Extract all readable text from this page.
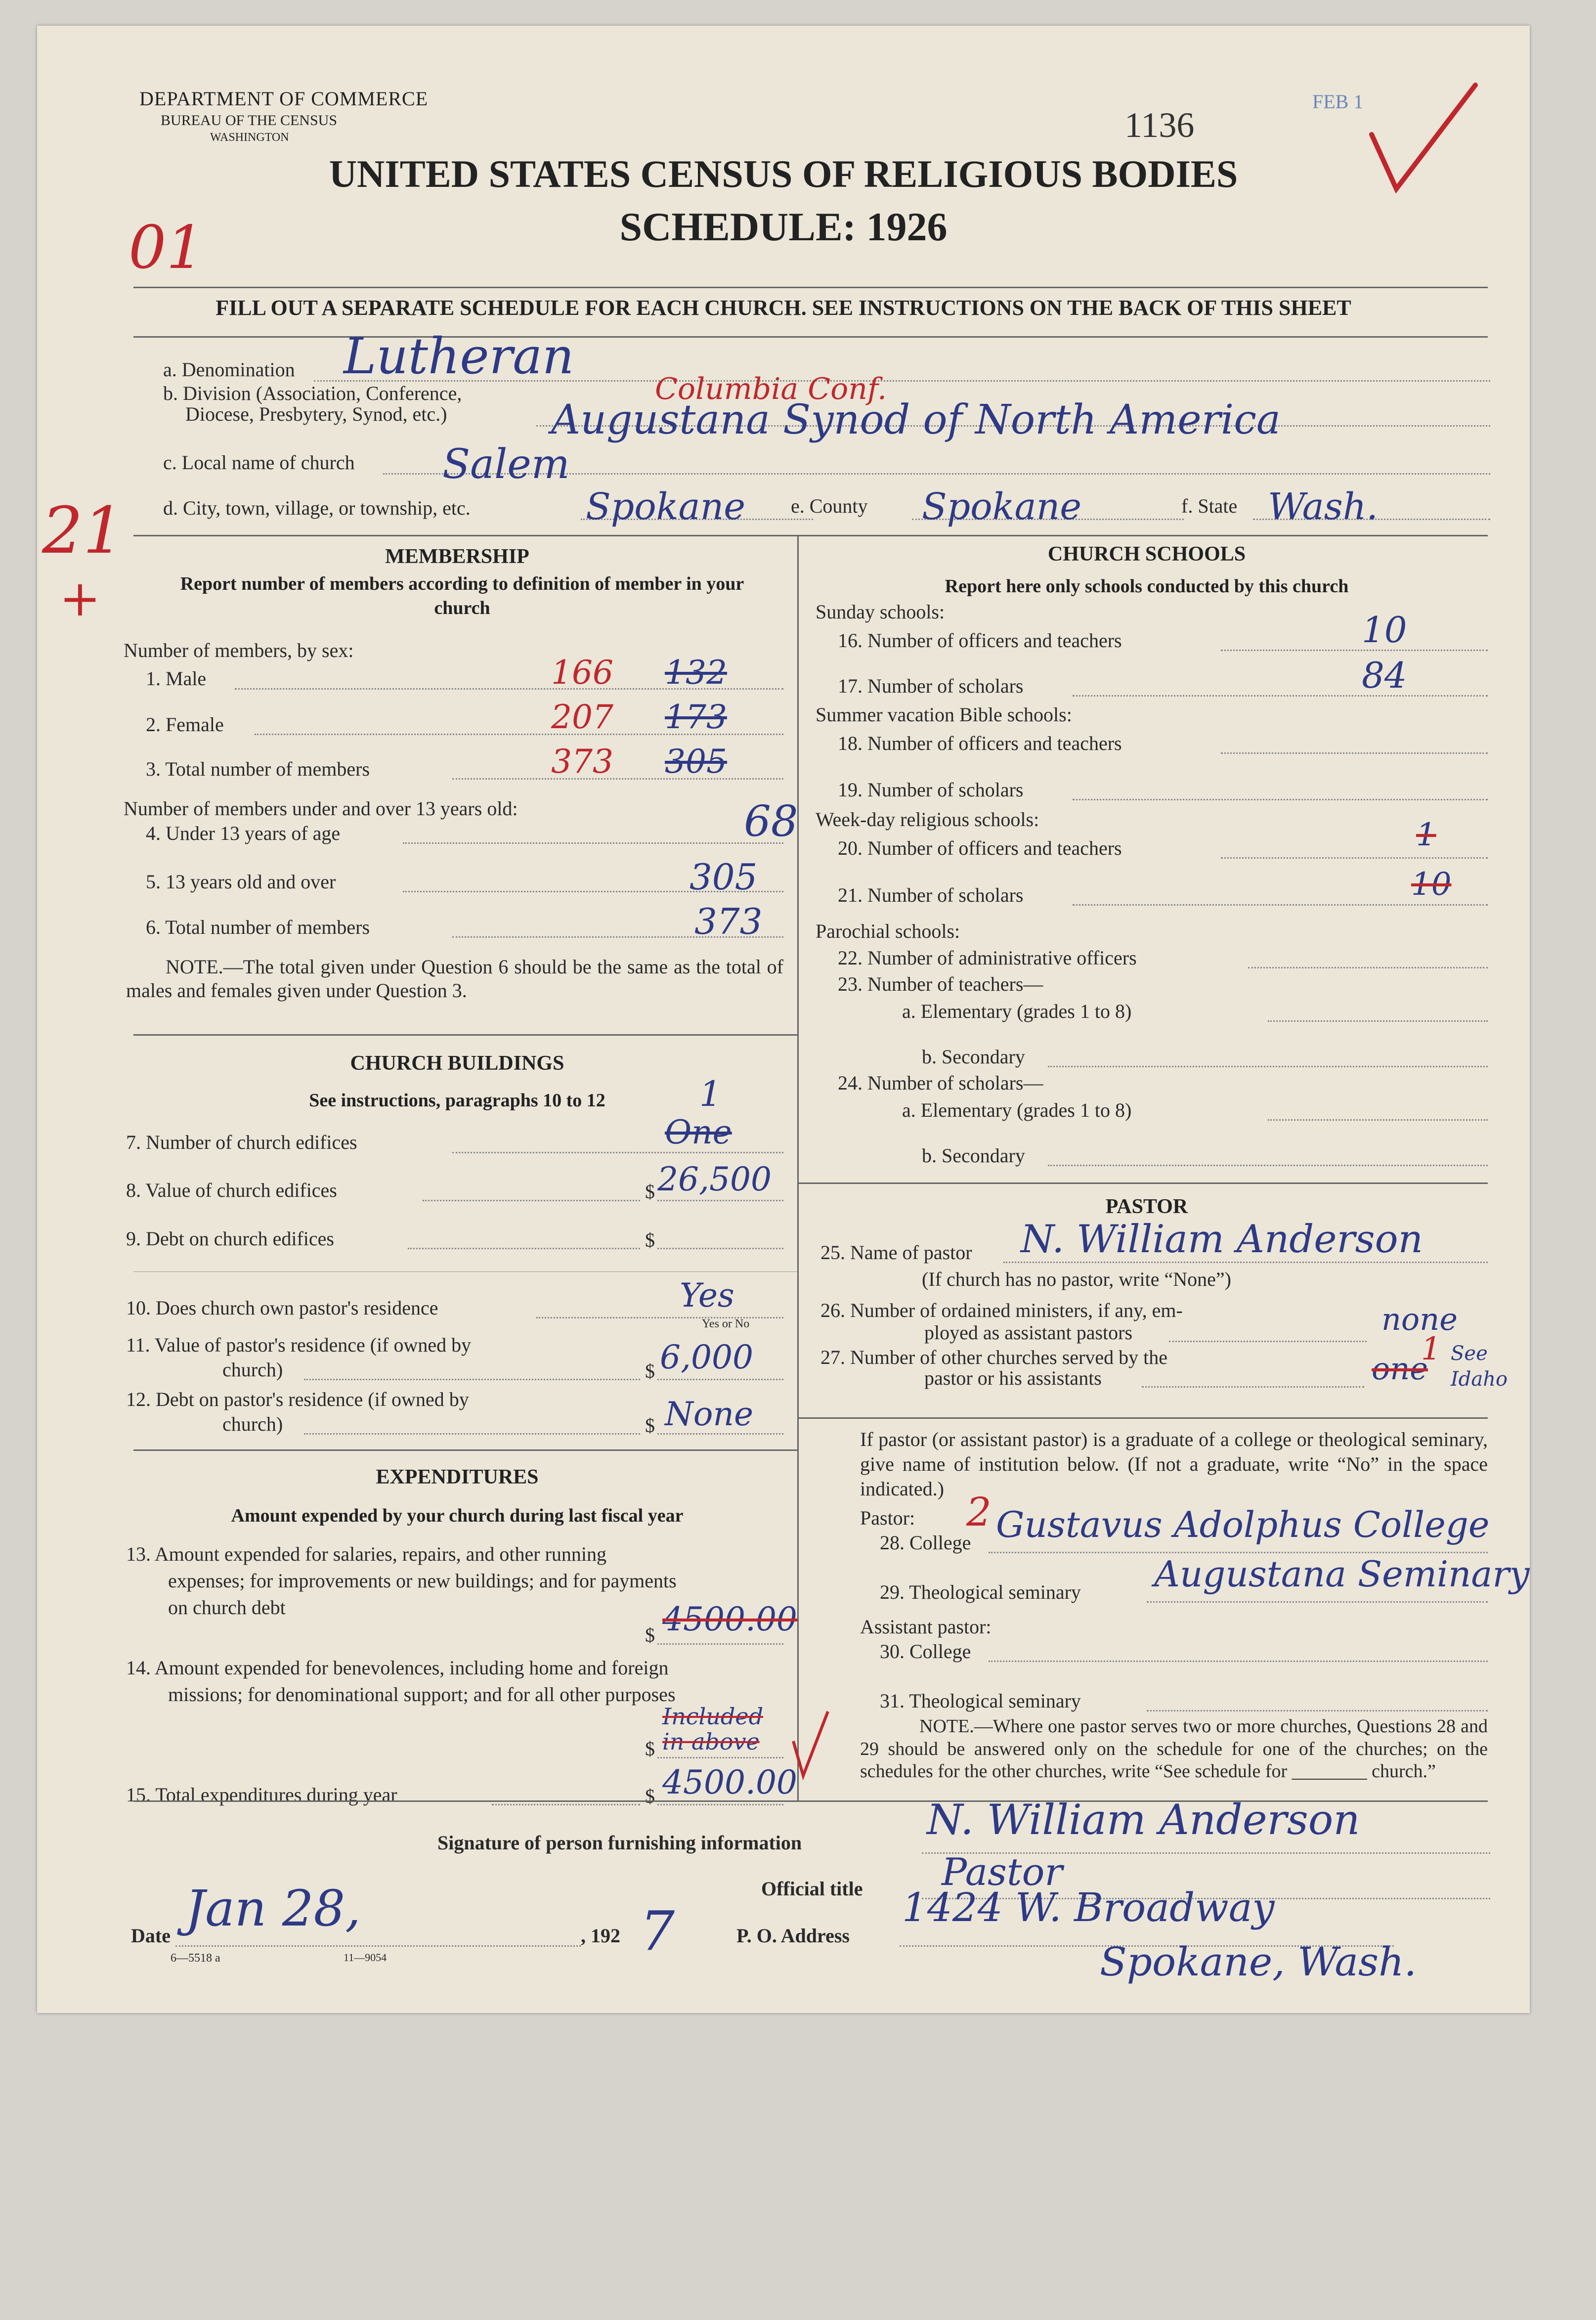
DEPARTMENT OF COMMERCE
BUREAU OF THE CENSUS
WASHINGTON	1136
FEB 1
UNITED STATES CENSUS OF RELIGIOUS BODIES
SCHEDULE: 1926
01
FILL OUT A SEPARATE SCHEDULE FOR EACH CHURCH. SEE INSTRUCTIONS ON THE BACK OF THIS SHEET
21
+
a. Denomination Lutheran
b. Division (Association, Conference,
Diocese, Presbytery, Synod, etc.)
Columbia Conf.
Augustana Synod of North America
c. Local name of church Salem
d. City, town, village, or township, etc.	Spokane e. County Spokane	f. State Wash.
MEMBERSHIP
Report number of members according to definition of member in your church
Number of members, by sex:
1. Male	166 132
2. Female	207 173
3. Total number of members	373 305
Number of members under and over 13 years old:
4. Under 13 years of age	68
5. 13 years old and over	305
6. Total number of members	373
NOTE.—The total given under Question 6 should be the same as the total of males and females given under Question 3.
CHURCH BUILDINGS
See instructions, paragraphs 10 to 12	1
7. Number of church edifices	One
8. Value of church edifices	$ 26,500
9. Debt on church edifices	$
10. Does church own pastor's residence	Yes
Yes or No
11. Value of pastor's residence (if owned by
church)	$ 6,000
12. Debt on pastor's residence (if owned by
church)	$ None
EXPENDITURES
Amount expended by your church during last fiscal year
13. Amount expended for salaries, repairs, and other running expenses; for improvements or new buildings; and for payments on church debt
$ 4500.00
14. Amount expended for benevolences, including home and foreign missions; for denominational support; and for all other purposes
$
Included in above
15. Total expenditures during year	$ 4500.00
CHURCH SCHOOLS
Report here only schools conducted by this church
Sunday schools:
16. Number of officers and teachers	10
17. Number of scholars	84
Summer vacation Bible schools:
18. Number of officers and teachers
19. Number of scholars
Week-day religious schools:
20. Number of officers and teachers	1
21. Number of scholars	10
Parochial schools:
22. Number of administrative officers
23. Number of teachers—
a. Elementary (grades 1 to 8)
b. Secondary
24. Number of scholars—
a. Elementary (grades 1 to 8)
b. Secondary
PASTOR
25. Name of pastor N. William Anderson
(If church has no pastor, write “None”)
26. Number of ordained ministers, if any, em-
ployed as assistant pastors	none
27. Number of other churches served by the
pastor or his assistants	one
1 See Idaho
If pastor (or assistant pastor) is a graduate of a college or theological seminary, give name of institution below. (If not a graduate, write “No” in the space indicated.)
Pastor: 2
28. College Gustavus Adolphus College
29. Theological seminary Augustana Seminary
Assistant pastor:
30. College
31. Theological seminary
NOTE.—Where one pastor serves two or more churches, Questions 28 and 29 should be answered only on the schedule for one of the churches; on the schedules for the other churches, write “See schedule for ________ church.”
Signature of person furnishing information	N. William Anderson
Official title Pastor
Date Jan 28,	, 192 7	P. O. Address
1424 W. Broadway
Spokane, Wash.
6—5518 a	11—9054
